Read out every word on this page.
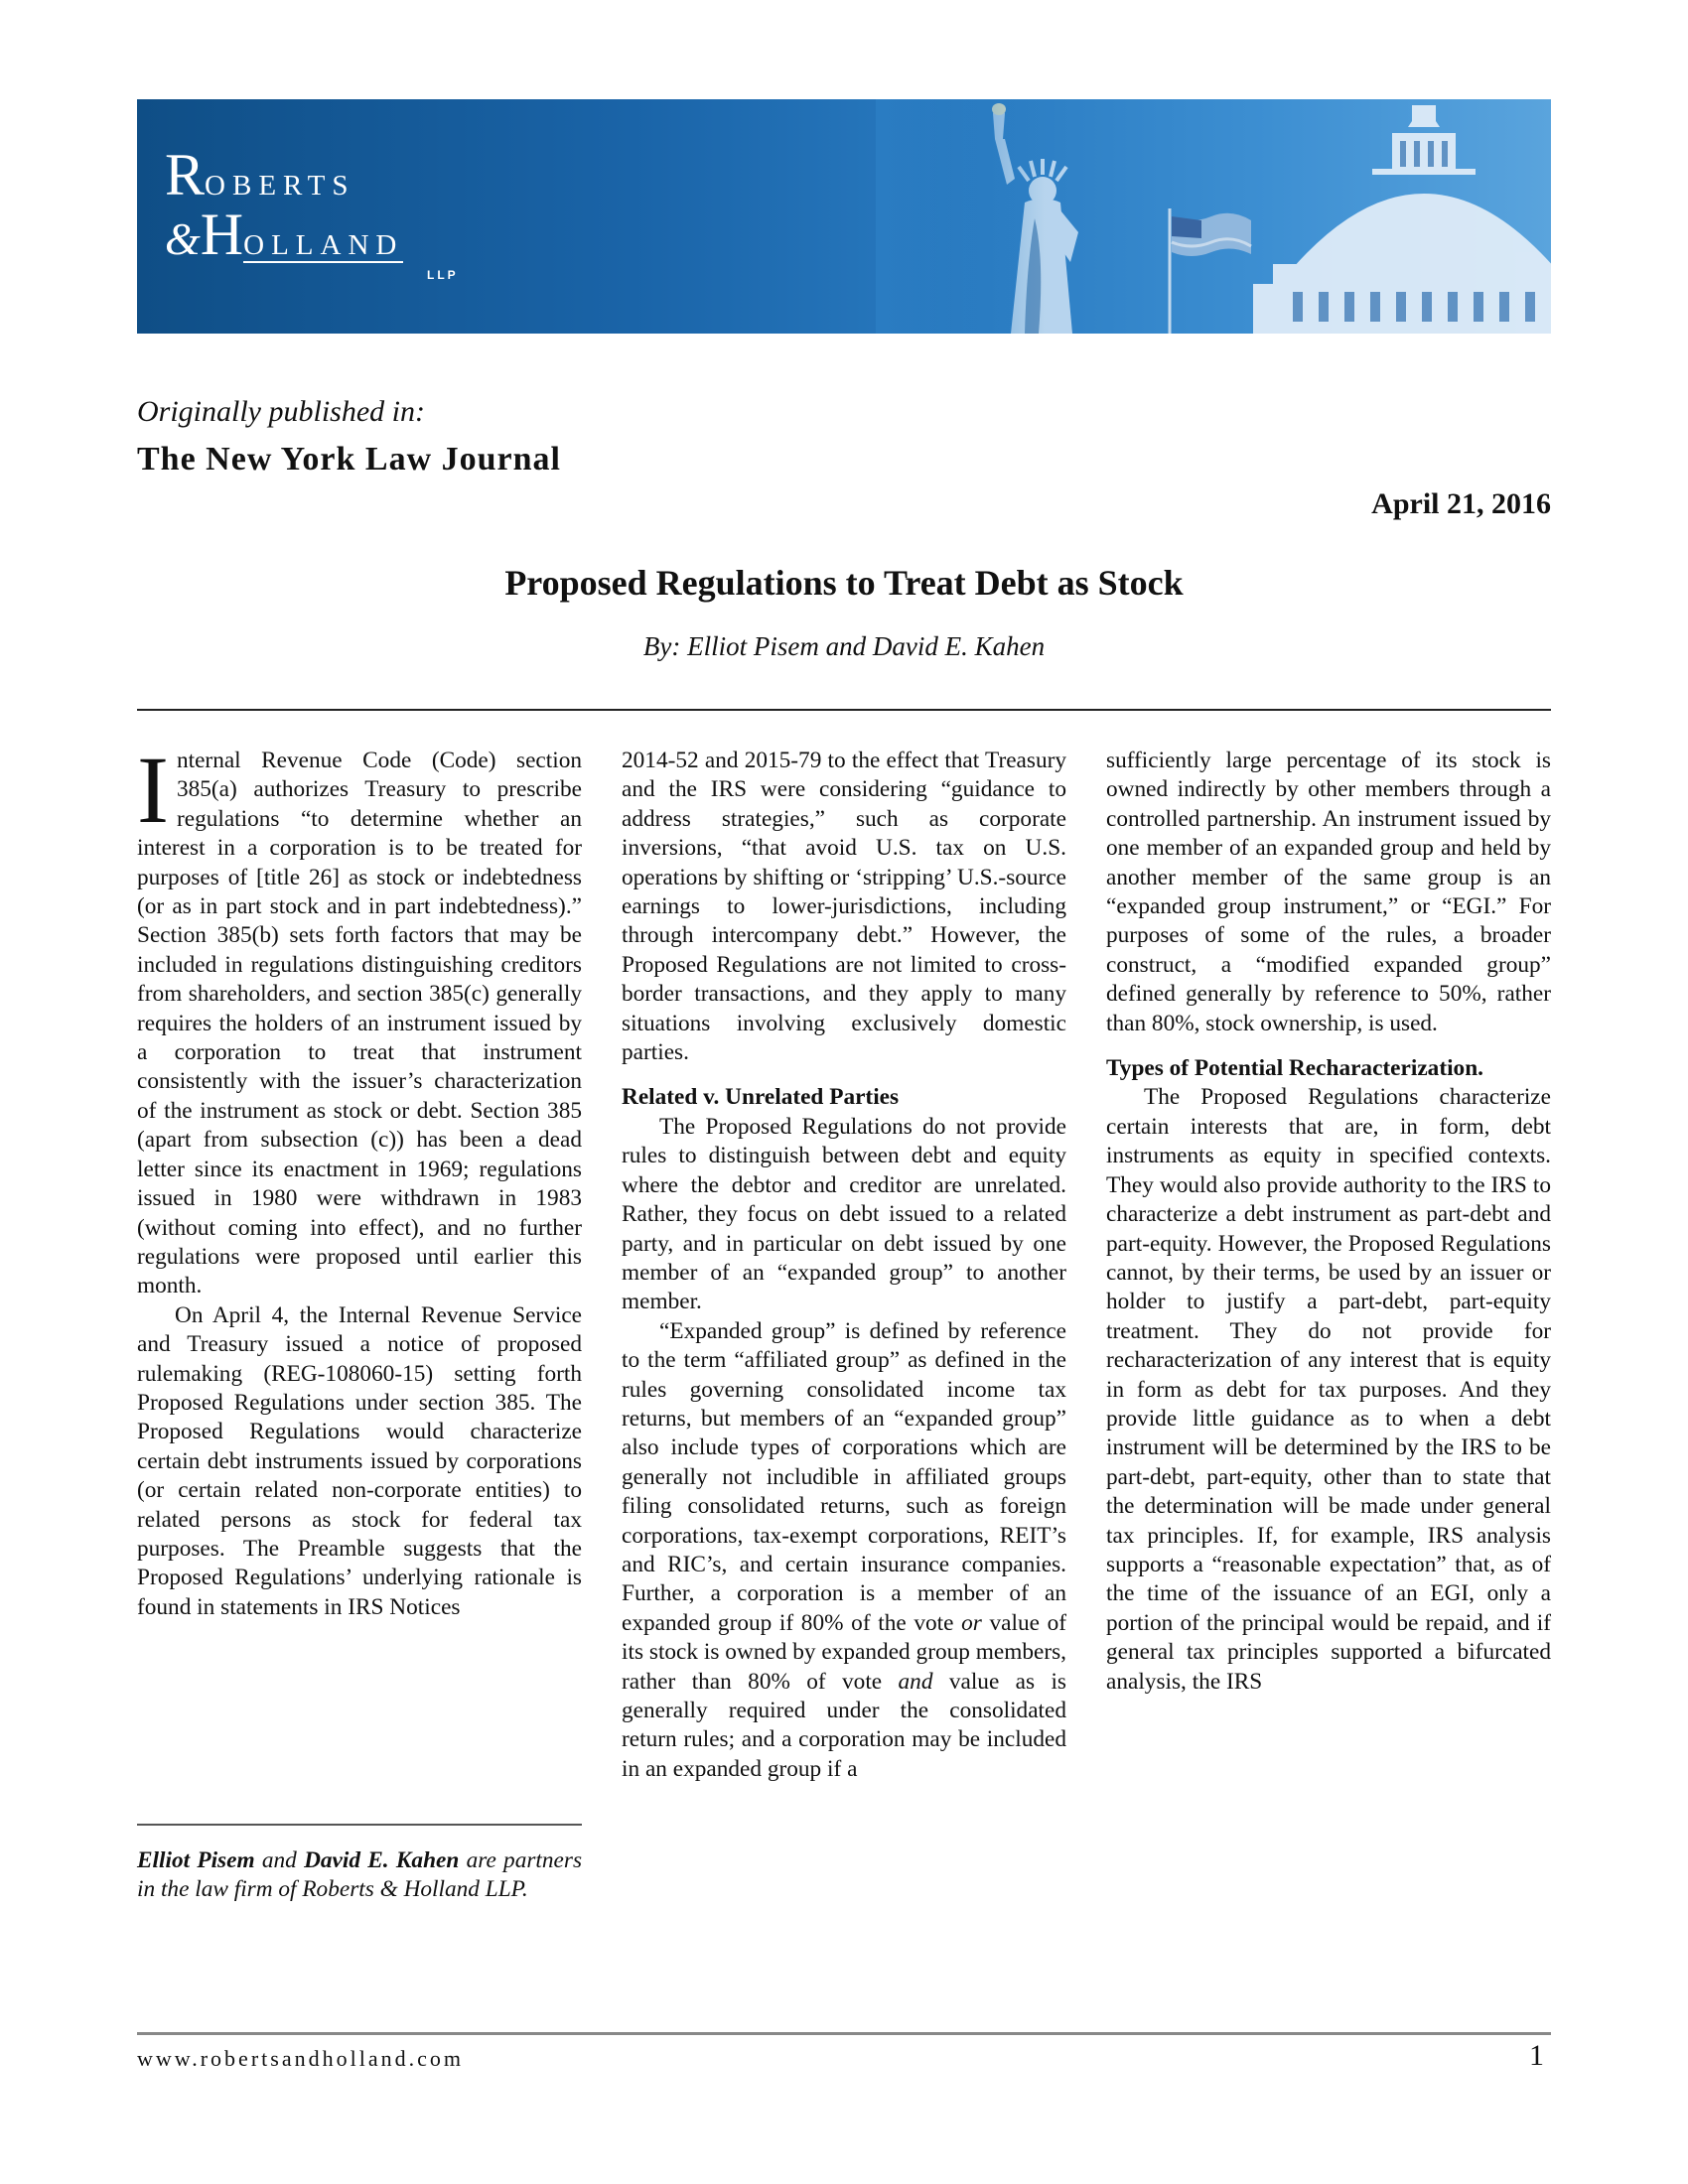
R OBERTS
& H OLLAND
LLP
Originally published in:
The New York Law Journal
April 21, 2016
Proposed Regulations to Treat Debt as Stock
By: Elliot Pisem and David E. Kahen

Internal Revenue Code (Code) section 385(a) authorizes Treasury to prescribe regulations “to determine whether an interest in a corporation is to be treated for purposes of [title 26] as stock or indebtedness (or as in part stock and in part indebtedness).” Section 385(b) sets forth factors that may be included in regulations distinguishing creditors from shareholders, and section 385(c) generally requires the holders of an instrument issued by a corporation to treat that instrument consistently with the issuer’s characterization of the instrument as stock or debt. Section 385 (apart from subsection (c)) has been a dead letter since its enactment in 1969; regulations issued in 1980 were withdrawn in 1983 (without coming into effect), and no further regulations were proposed until earlier this month.

On April 4, the Internal Revenue Service and Treasury issued a notice of proposed rulemaking (REG-108060-15) setting forth Proposed Regulations under section 385. The Proposed Regulations would characterize certain debt instruments issued by corporations (or certain related non-corporate entities) to related persons as stock for federal tax purposes. The Preamble suggests that the Proposed Regulations’ underlying rationale is found in statements in IRS Notices

Elliot Pisem and David E. Kahen are partners in the law firm of Roberts & Holland LLP.

2014-52 and 2015-79 to the effect that Treasury and the IRS were considering “guidance to address strategies,” such as corporate inversions, “that avoid U.S. tax on U.S. operations by shifting or ‘stripping’ U.S.-source earnings to lower-jurisdictions, including through intercompany debt.” However, the Proposed Regulations are not limited to cross-border transactions, and they apply to many situations involving exclusively domestic parties.

Related v. Unrelated Parties

The Proposed Regulations do not provide rules to distinguish between debt and equity where the debtor and creditor are unrelated. Rather, they focus on debt issued to a related party, and in particular on debt issued by one member of an “expanded group” to another member.

“Expanded group” is defined by reference to the term “affiliated group” as defined in the rules governing consolidated income tax returns, but members of an “expanded group” also include types of corporations which are generally not includible in affiliated groups filing consolidated returns, such as foreign corporations, tax-exempt corporations, REIT’s and RIC’s, and certain insurance companies. Further, a corporation is a member of an expanded group if 80% of the vote or value of its stock is owned by expanded group members, rather than 80% of vote and value as is generally required under the consolidated return rules; and a corporation may be included in an expanded group if a

sufficiently large percentage of its stock is owned indirectly by other members through a controlled partnership. An instrument issued by one member of an expanded group and held by another member of the same group is an “expanded group instrument,” or “EGI.” For purposes of some of the rules, a broader construct, a “modified expanded group” defined generally by reference to 50%, rather than 80%, stock ownership, is used.

Types of Potential Recharacterization.

The Proposed Regulations characterize certain interests that are, in form, debt instruments as equity in specified contexts. They would also provide authority to the IRS to characterize a debt instrument as part-debt and part-equity. However, the Proposed Regulations cannot, by their terms, be used by an issuer or holder to justify a part-debt, part-equity treatment. They do not provide for recharacterization of any interest that is equity in form as debt for tax purposes. And they provide little guidance as to when a debt instrument will be determined by the IRS to be part-debt, part-equity, other than to state that the determination will be made under general tax principles. If, for example, IRS analysis supports a “reasonable expectation” that, as of the time of the issuance of an EGI, only a portion of the principal would be repaid, and if general tax principles supported a bifurcated analysis, the IRS

www.robertsandholland.com	1
